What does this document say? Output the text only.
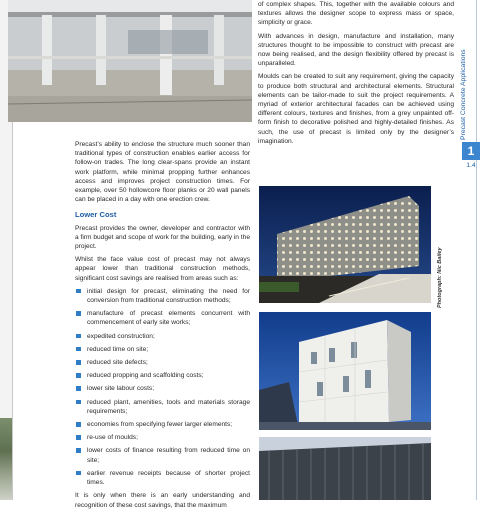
Precast’s ability to enclose the structure much sooner than traditional types of construction enables earlier access for follow-on trades. The long clear-spans provide an instant work platform, while minimal propping further enhances access and improves project construction times. For example, over 50 hollowcore floor planks or 20 wall panels can be placed in a day with one erection crew.

Lower Cost

Precast provides the owner, developer and contractor with a firm budget and scope of work for the building, early in the project.

Whilst the face value cost of precast may not always appear lower than traditional construction methods, significant cost savings are realised from areas such as:

initial design for precast, eliminating the need for conversion from traditional construction methods;
manufacture of precast elements concurrent with commencement of early site works;
expedited construction;
reduced time on site;
reduced site defects;
reduced propping and scaffolding costs;
lower site labour costs;
reduced plant, amenities, tools and materials storage requirements;
economies from specifying fewer larger elements;
re-use of moulds;
lower costs of finance resulting from reduced time on site;
earlier revenue receipts because of shorter project times.

It is only when there is an early understanding and recognition of these cost savings, that the maximum

of complex shapes. This, together with the available colours and textures allows the designer scope to express mass or space, simplicity or grace.

With advances in design, manufacture and installation, many structures thought to be impossible to construct with precast are now being realised, and the design flexibility offered by precast is unparalleled.

Moulds can be created to suit any requirement, giving the capacity to produce both structural and architectural elements. Structural elements can be tailor-made to suit the project requirements. A myriad of exterior architectural facades can be achieved using different colours, textures and finishes, from a grey unpainted off-form finish to decorative polished and highly-detailed finishes. As such, the use of precast is limited only by the designer’s imagination.

Photograph: Nic Bailey
Precast Concrete Applications
1
1.4
